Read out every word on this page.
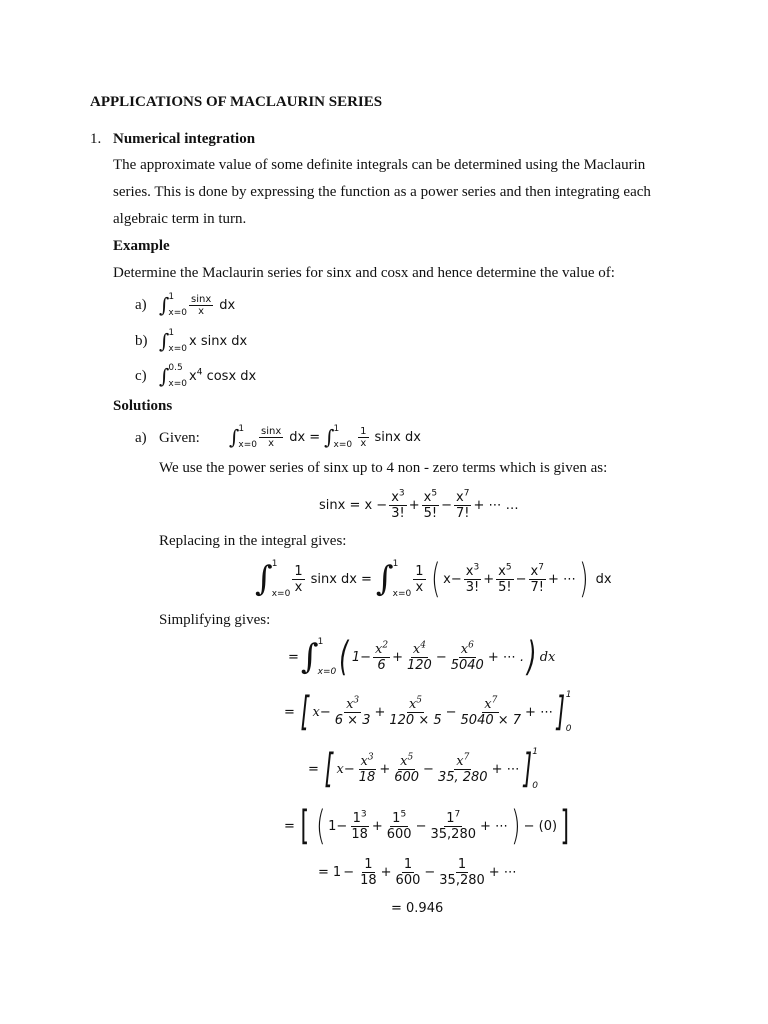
APPLICATIONS OF MACLAURIN SERIES
1. Numerical integration
The approximate value of some definite integrals can be determined using the Maclaurin
series. This is done by expressing the function as a power series and then integrating each
algebraic term in turn.
Example
Determine the Maclaurin series for sinx and cosx and hence determine the value of:
a) ∫ 1
$x=0 \frac{\sin x}{x}$ dx
b) ∫ 1
x=0
x sinx dx
c) ∫ 0.5
x=0
$x^4$ cosx dx
Solutions
a) Given: ∫ 1
$x=0 \frac{\sin x}{x}$ dx = ∫ 1
$x=0 \frac{1}{x}$ sinx dx
We use the power series of sinx up to 4 non - zero terms which is given as:
$\sin x = x - \frac{x^3}{3!} + \frac{x^5}{5!} - \frac{x^7}{7!}$ + ⋯ …
Replacing in the integral gives:
∫ 1
$x=0 \frac{1}{x}$ sinx dx = ∫ 1
$x=0 \frac{1}{x}$ ( $x - \frac{x^3}{3!} + \frac{x^5}{5!} - \frac{x^7}{7!}$ + ⋯ ) dx
Simplifying gives:
= ∫ 1
x=0 ( $1 - \frac{x^2}{6} + \frac{x^4}{120} - \frac{x^6}{5040}$ + ⋯ . ) dx
= [ $x - \frac{x^3}{6 \times 3} + \frac{x^5}{120 \times 5} - \frac{x^7}{5040 \times 7}$ + ⋯ ] 1
0
= [ $x - \frac{x^3}{18} + \frac{x^5}{600} - \frac{x^7}{35, 280}$ + ⋯ ] 1
0
= [ ( $1 - \frac{1^3}{18} + \frac{1^5}{600} - \frac{1^7}{35,280}$ + ⋯ ) − (0) ]
= $1 - \frac{1}{18} + \frac{1}{600} - \frac{1}{35,280}$ + ⋯
= 0.946
